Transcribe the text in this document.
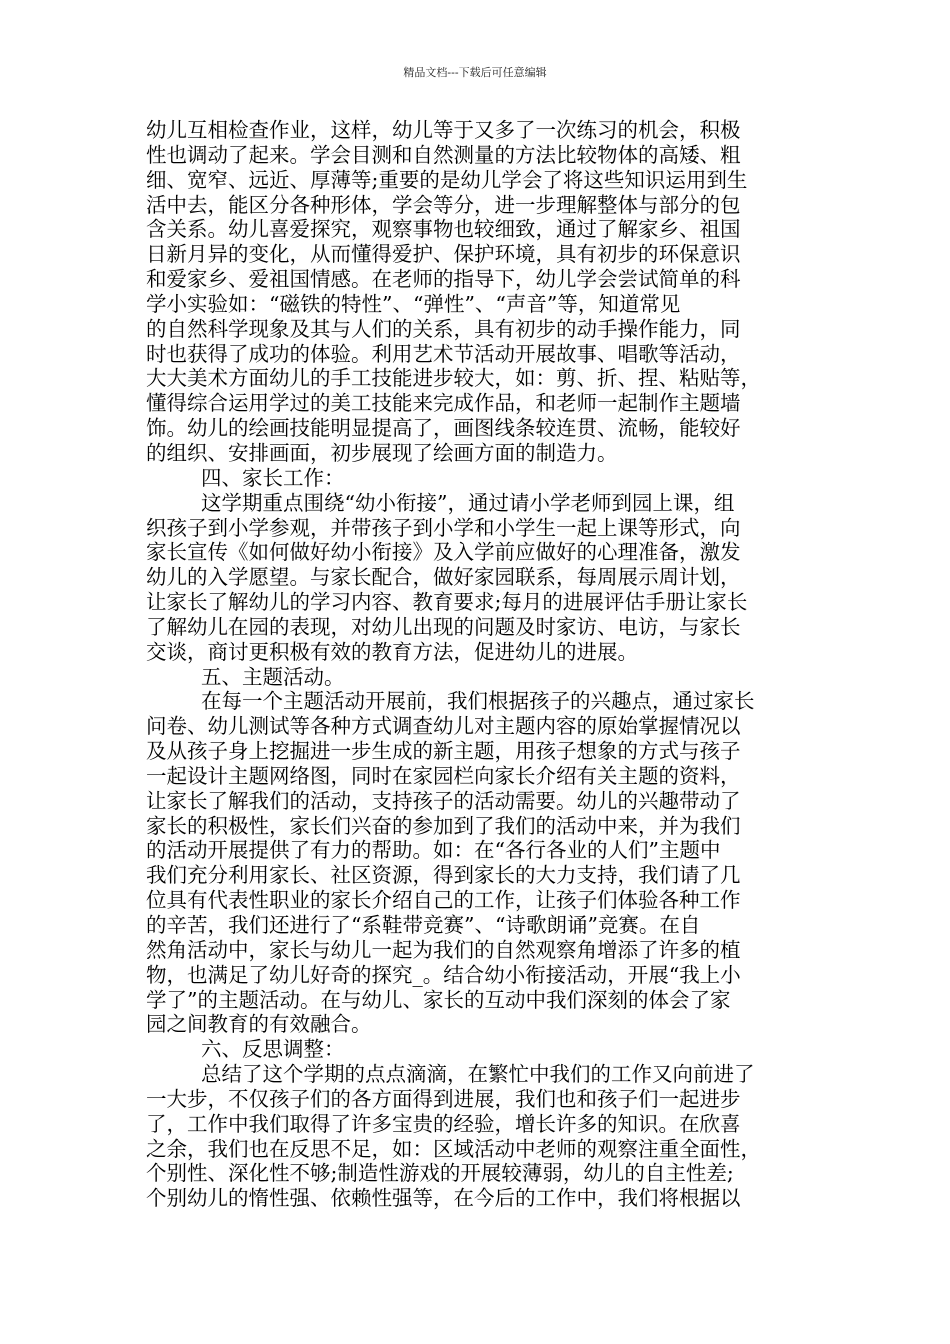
精品文档---下载后可任意编辑
幼儿互相检查作业，这样，幼儿等于又多了一次练习的机会，积极
性也调动了起来。学会目测和自然测量的方法比较物体的高矮、粗
细、宽窄、远近、厚薄等;重要的是幼儿学会了将这些知识运用到生
活中去，能区分各种形体，学会等分，进一步理解整体与部分的包
含关系。幼儿喜爱探究，观察事物也较细致，通过了解家乡、祖国
日新月异的变化，从而懂得爱护、保护环境，具有初步的环保意识
和爱家乡、爱祖国情感。在老师的指导下，幼儿学会尝试简单的科
学小实验如：“磁铁的特性”、“弹性”、“声音”等，知道常见
的自然科学现象及其与人们的关系，具有初步的动手操作能力，同
时也获得了成功的体验。利用艺术节活动开展故事、唱歌等活动，
大大美术方面幼儿的手工技能进步较大，如：剪、折、捏、粘贴等，
懂得综合运用学过的美工技能来完成作品，和老师一起制作主题墙
饰。幼儿的绘画技能明显提高了，画图线条较连贯、流畅，能较好
的组织、安排画面，初步展现了绘画方面的制造力。
四、家长工作：
这学期重点围绕“幼小衔接”，通过请小学老师到园上课，组
织孩子到小学参观，并带孩子到小学和小学生一起上课等形式，向
家长宣传《如何做好幼小衔接》及入学前应做好的心理准备，激发
幼儿的入学愿望。与家长配合，做好家园联系，每周展示周计划，
让家长了解幼儿的学习内容、教育要求;每月的进展评估手册让家长
了解幼儿在园的表现，对幼儿出现的问题及时家访、电访，与家长
交谈，商讨更积极有效的教育方法，促进幼儿的进展。
五、主题活动。
在每一个主题活动开展前，我们根据孩子的兴趣点，通过家长
问卷、幼儿测试等各种方式调查幼儿对主题内容的原始掌握情况以
及从孩子身上挖掘进一步生成的新主题，用孩子想象的方式与孩子
一起设计主题网络图，同时在家园栏向家长介绍有关主题的资料，
让家长了解我们的活动，支持孩子的活动需要。幼儿的兴趣带动了
家长的积极性，家长们兴奋的参加到了我们的活动中来，并为我们
的活动开展提供了有力的帮助。如：在“各行各业的人们”主题中
我们充分利用家长、社区资源，得到家长的大力支持，我们请了几
位具有代表性职业的家长介绍自己的工作，让孩子们体验各种工作
的辛苦，我们还进行了“系鞋带竞赛”、“诗歌朗诵”竞赛。在自
然角活动中，家长与幼儿一起为我们的自然观察角增添了许多的植
物，也满足了幼儿好奇的探究_。结合幼小衔接活动，开展“我上小
学了”的主题活动。在与幼儿、家长的互动中我们深刻的体会了家
园之间教育的有效融合。
六、反思调整：
总结了这个学期的点点滴滴，在繁忙中我们的工作又向前进了
一大步，不仅孩子们的各方面得到进展，我们也和孩子们一起进步
了，工作中我们取得了许多宝贵的经验，增长许多的知识。在欣喜
之余，我们也在反思不足，如：区域活动中老师的观察注重全面性，
个别性、深化性不够;制造性游戏的开展较薄弱，幼儿的自主性差;
个别幼儿的惰性强、依赖性强等，在今后的工作中，我们将根据以
